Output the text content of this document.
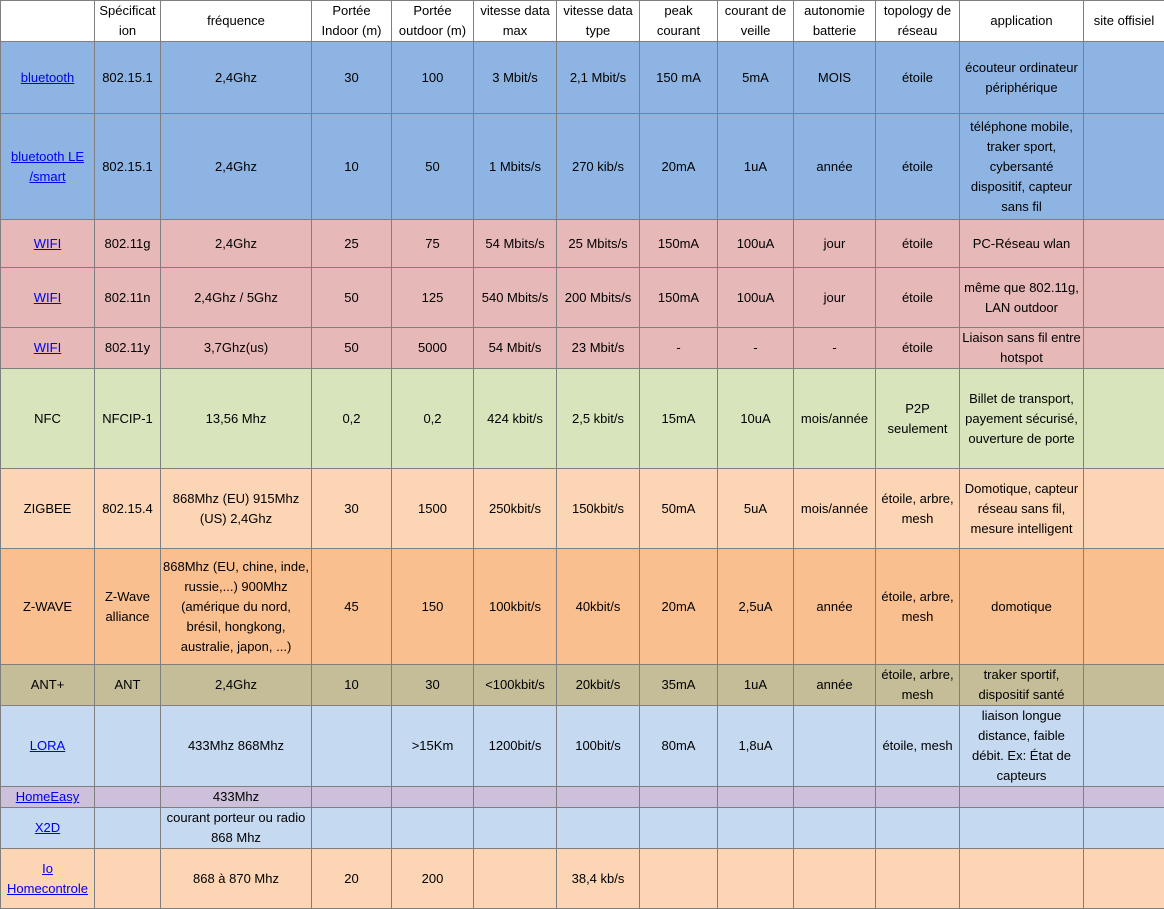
	Spécificat ion	fréquence	Portée Indoor (m)	Portée outdoor (m)	vitesse data max	vitesse data type	peak courant	courant de veille	autonomie batterie	topology de réseau	application	site offisiel
bluetooth	802.15.1	2,4Ghz	30	100	3 Mbit/s	2,1 Mbit/s	150 mA	5mA	MOIS	étoile	écouteur ordinateur périphérique	
bluetooth LE /smart	802.15.1	2,4Ghz	10	50	1 Mbits/s	270 kib/s	20mA	1uA	année	étoile	téléphone mobile, traker sport, cybersanté dispositif, capteur sans fil	
WIFI	802.11g	2,4Ghz	25	75	54 Mbits/s	25 Mbits/s	150mA	100uA	jour	étoile	PC-Réseau wlan	
WIFI	802.11n	2,4Ghz / 5Ghz	50	125	540 Mbits/s	200 Mbits/s	150mA	100uA	jour	étoile	même que 802.11g, LAN outdoor	
WIFI	802.11y	3,7Ghz(us)	50	5000	54 Mbit/s	23 Mbit/s	-	-	-	étoile	Liaison sans fil entre hotspot	
NFC	NFCIP-1	13,56 Mhz	0,2	0,2	424 kbit/s	2,5 kbit/s	15mA	10uA	mois/année	P2P seulement	Billet de transport, payement sécurisé, ouverture de porte	
ZIGBEE	802.15.4	868Mhz (EU) 915Mhz (US) 2,4Ghz	30	1500	250kbit/s	150kbit/s	50mA	5uA	mois/année	étoile, arbre, mesh	Domotique, capteur réseau sans fil, mesure intelligent	
Z-WAVE	Z-Wave alliance	868Mhz (EU, chine, inde, russie,...) 900Mhz (amérique du nord, brésil, hongkong, australie, japon, ...)	45	150	100kbit/s	40kbit/s	20mA	2,5uA	année	étoile, arbre, mesh	domotique	
ANT+	ANT	2,4Ghz	10	30	<100kbit/s	20kbit/s	35mA	1uA	année	étoile, arbre, mesh	traker sportif, dispositif santé	
LORA		433Mhz 868Mhz		>15Km	1200bit/s	100bit/s	80mA	1,8uA		étoile, mesh	liaison longue distance, faible débit. Ex: État de capteurs	
HomeEasy		433Mhz										
X2D		courant porteur ou radio 868 Mhz										
Io Homecontrole		868 à 870 Mhz	20	200		38,4 kb/s						
